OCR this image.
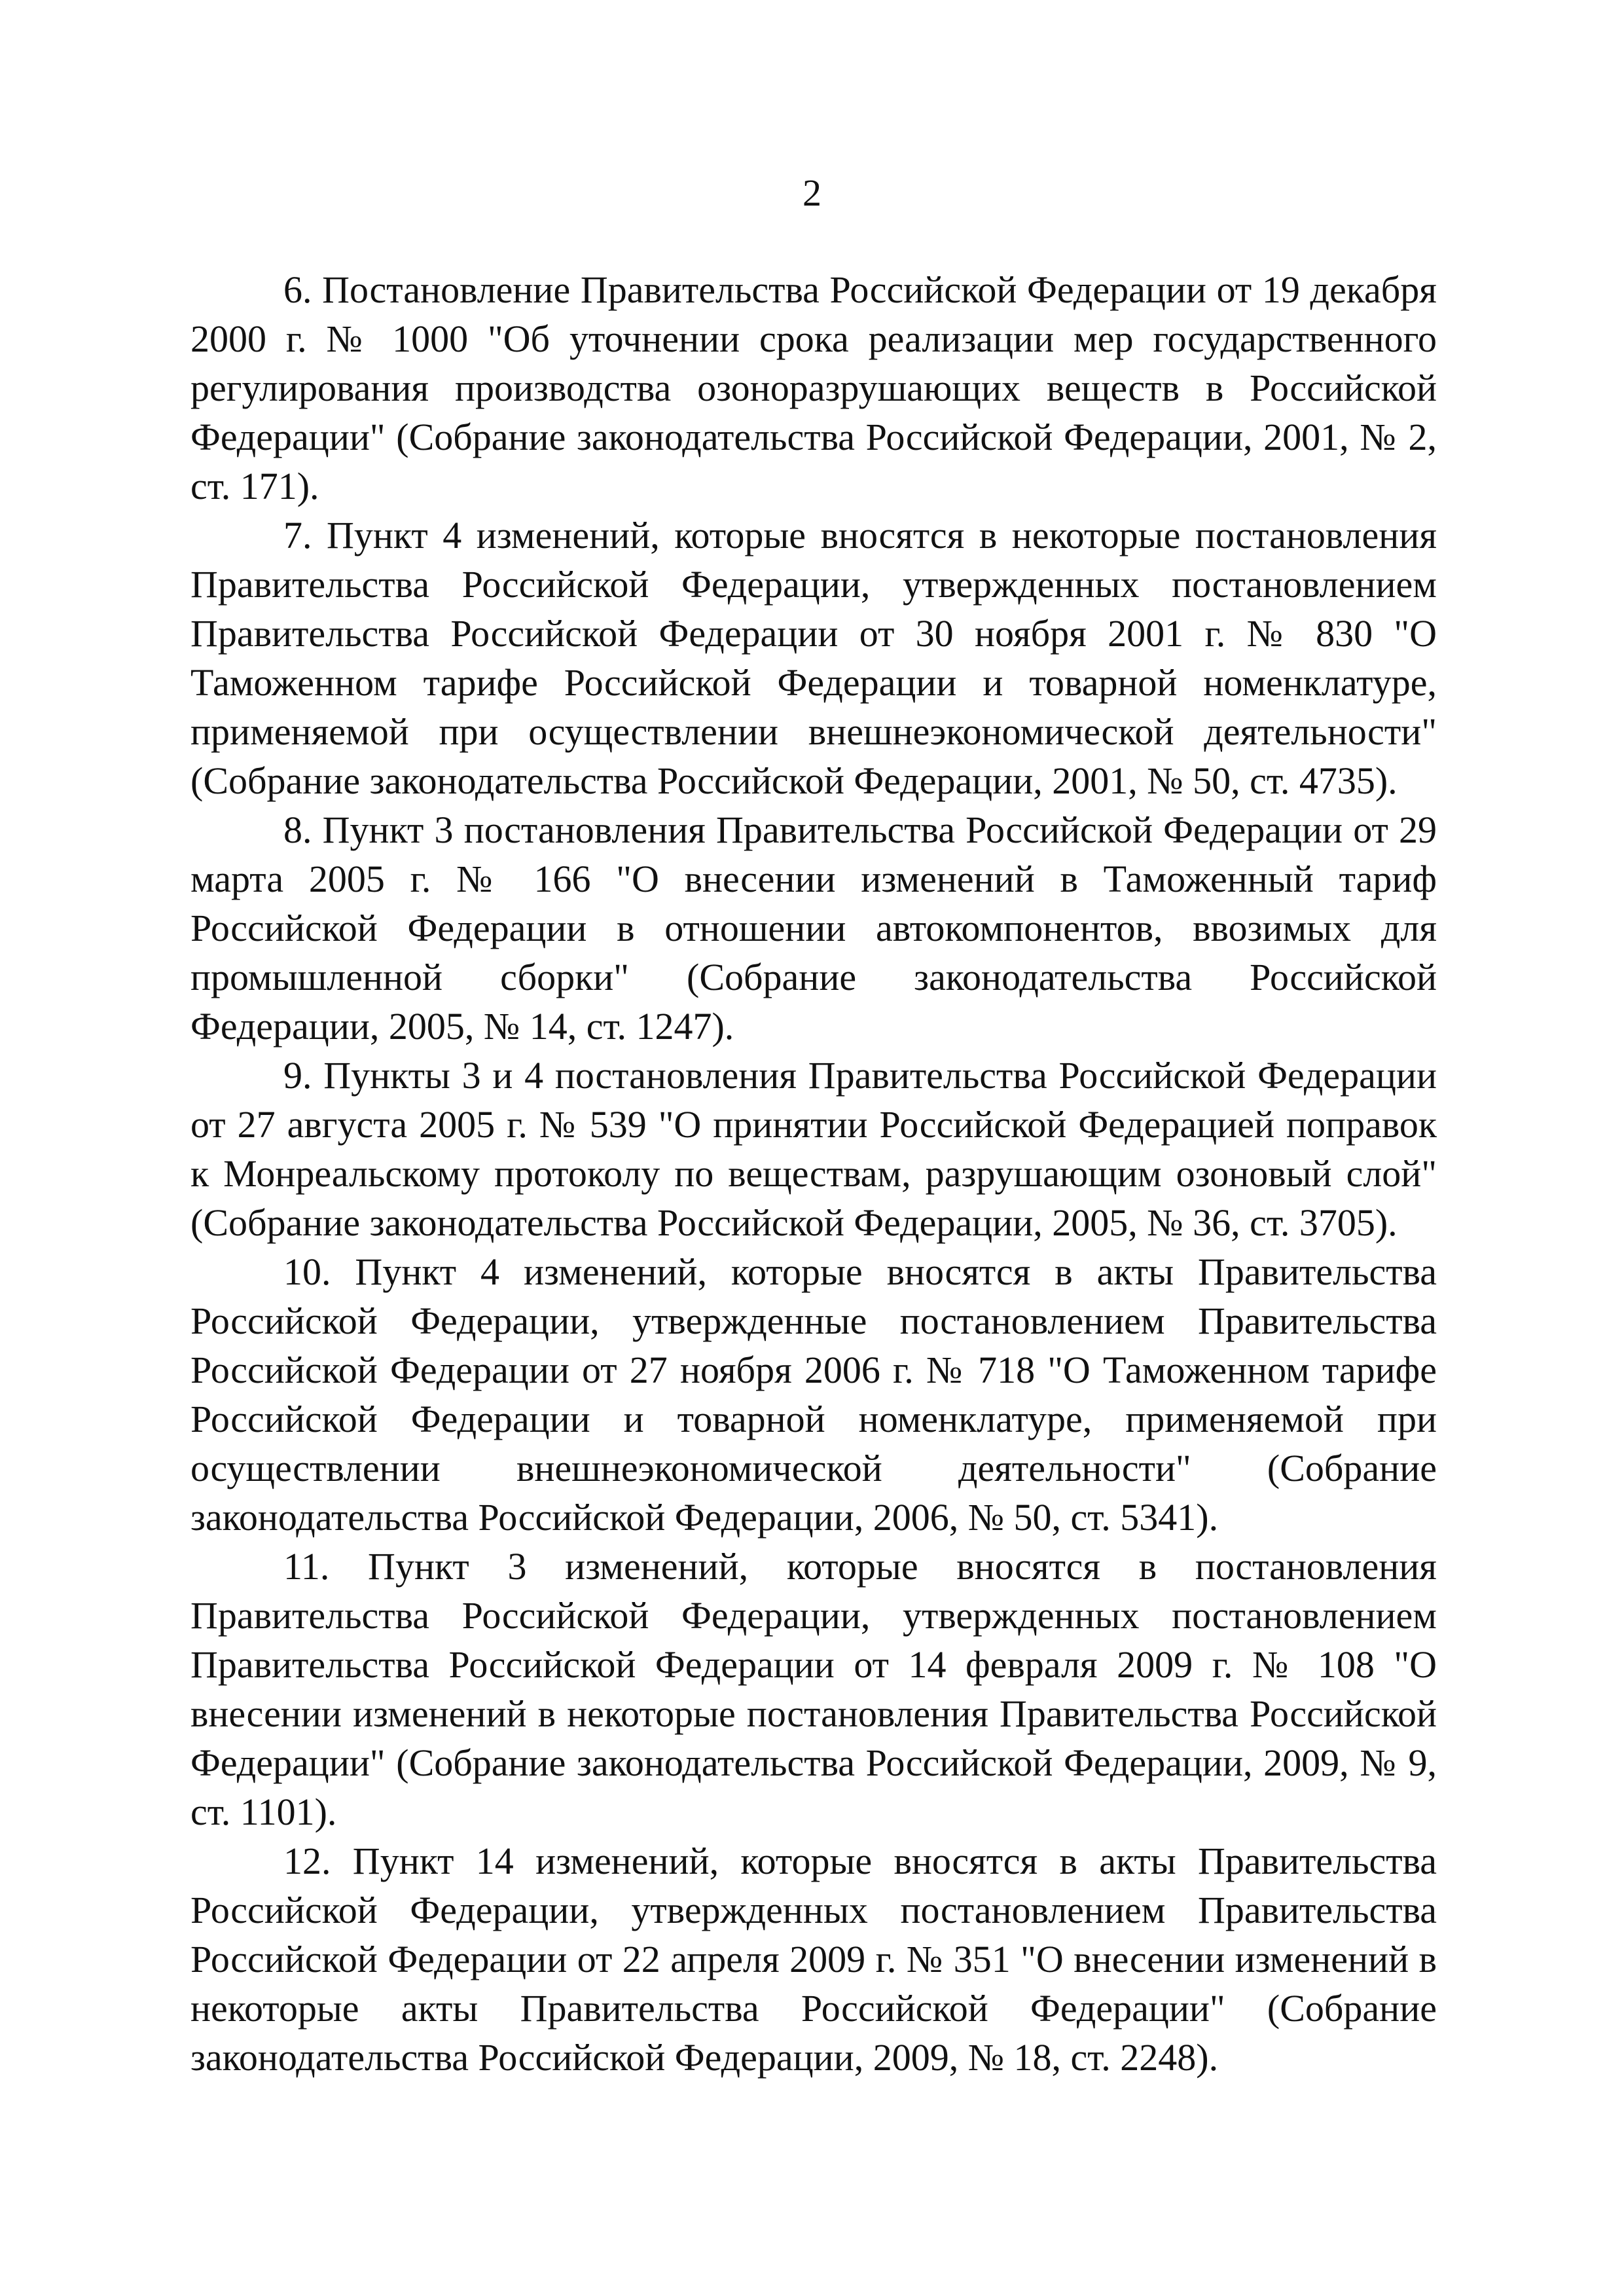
2

6. Постановление Правительства Российской Федерации от 19 декабря 2000 г. № 1000 "Об уточнении срока реализации мер государственного регулирования производства озоноразрушающих веществ в Российской Федерации" (Собрание законодательства Российской Федерации, 2001, № 2, ст. 171).

7. Пункт 4 изменений, которые вносятся в некоторые постановления Правительства Российской Федерации, утвержденных постановлением Правительства Российской Федерации от 30 ноября 2001 г. № 830 "О Таможенном тарифе Российской Федерации и товарной номенклатуре, применяемой при осуществлении внешнеэкономической деятельности" (Собрание законодательства Российской Федерации, 2001, № 50, ст. 4735).

8. Пункт 3 постановления Правительства Российской Федерации от 29 марта 2005 г. № 166 "О внесении изменений в Таможенный тариф Российской Федерации в отношении автокомпонентов, ввозимых для промышленной сборки" (Собрание законодательства Российской Федерации, 2005, № 14, ст. 1247).

9. Пункты 3 и 4 постановления Правительства Российской Федерации от 27 августа 2005 г. № 539 "О принятии Российской Федерацией поправок к Монреальскому протоколу по веществам, разрушающим озоновый слой" (Собрание законодательства Российской Федерации, 2005, № 36, ст. 3705).

10. Пункт 4 изменений, которые вносятся в акты Правительства Российской Федерации, утвержденные постановлением Правительства Российской Федерации от 27 ноября 2006 г. № 718 "О Таможенном тарифе Российской Федерации и товарной номенклатуре, применяемой при осуществлении внешнеэкономической деятельности" (Собрание законодательства Российской Федерации, 2006, № 50, ст. 5341).

11. Пункт 3 изменений, которые вносятся в постановления Правительства Российской Федерации, утвержденных постановлением Правительства Российской Федерации от 14 февраля 2009 г. № 108 "О внесении изменений в некоторые постановления Правительства Российской Федерации" (Собрание законодательства Российской Федерации, 2009, № 9, ст. 1101).

12. Пункт 14 изменений, которые вносятся в акты Правительства Российской Федерации, утвержденных постановлением Правительства Российской Федерации от 22 апреля 2009 г. № 351 "О внесении изменений в некоторые акты Правительства Российской Федерации" (Собрание законодательства Российской Федерации, 2009, № 18, ст. 2248).
